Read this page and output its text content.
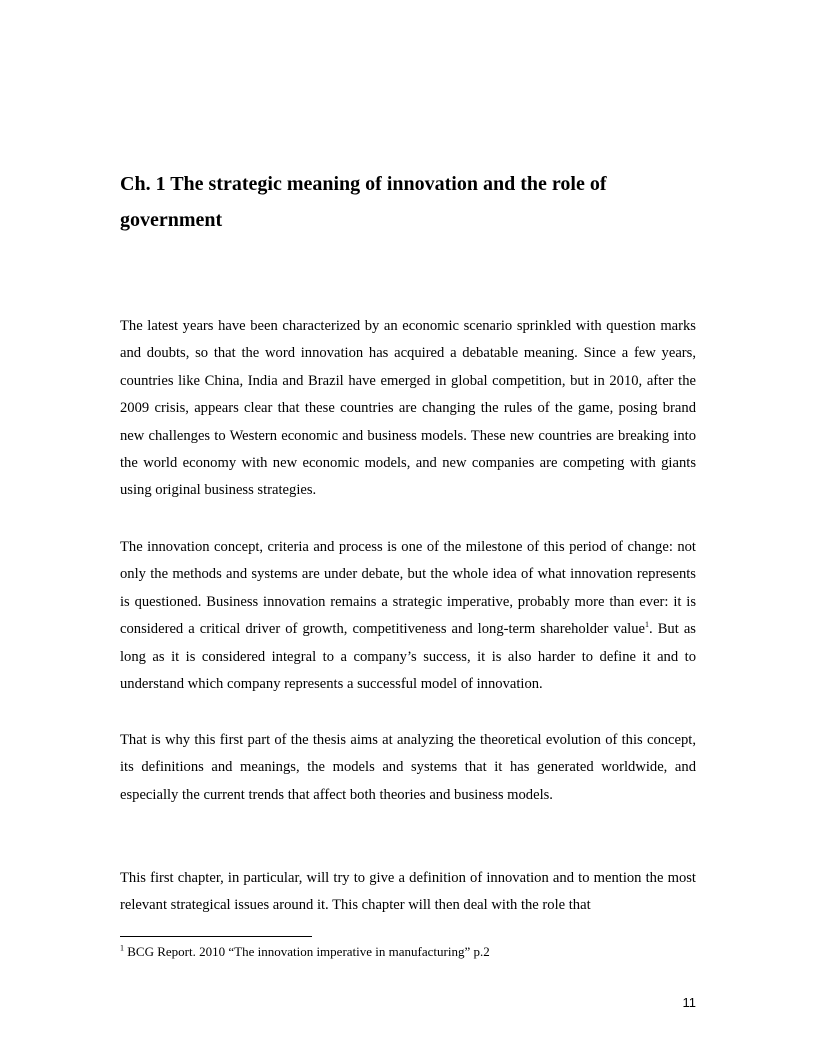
Ch. 1 The strategic meaning of innovation and the role of
government

The latest years have been characterized by an economic scenario sprinkled with question marks and doubts, so that the word innovation has acquired a debatable meaning. Since a few years, countries like China, India and Brazil have emerged in global competition, but in 2010, after the 2009 crisis, appears clear that these countries are changing the rules of the game, posing brand new challenges to Western economic and business models. These new countries are breaking into the world economy with new economic models, and new companies are competing with giants using original business strategies.

The innovation concept, criteria and process is one of the milestone of this period of change: not only the methods and systems are under debate, but the whole idea of what innovation represents is questioned. Business innovation remains a strategic imperative, probably more than ever: it is considered a critical driver of growth, competitiveness and long-term shareholder value$^1$. But as long as it is considered integral to a company’s success, it is also harder to define it and to understand which company represents a successful model of innovation.

That is why this first part of the thesis aims at analyzing the theoretical evolution of this concept, its definitions and meanings, the models and systems that it has generated worldwide, and especially the current trends that affect both theories and business models.

This first chapter, in particular, will try to give a definition of innovation and to mention the most relevant strategical issues around it. This chapter will then deal with the role that

$^1$ BCG Report. 2010 “The innovation imperative in manufacturing” p.2

11
